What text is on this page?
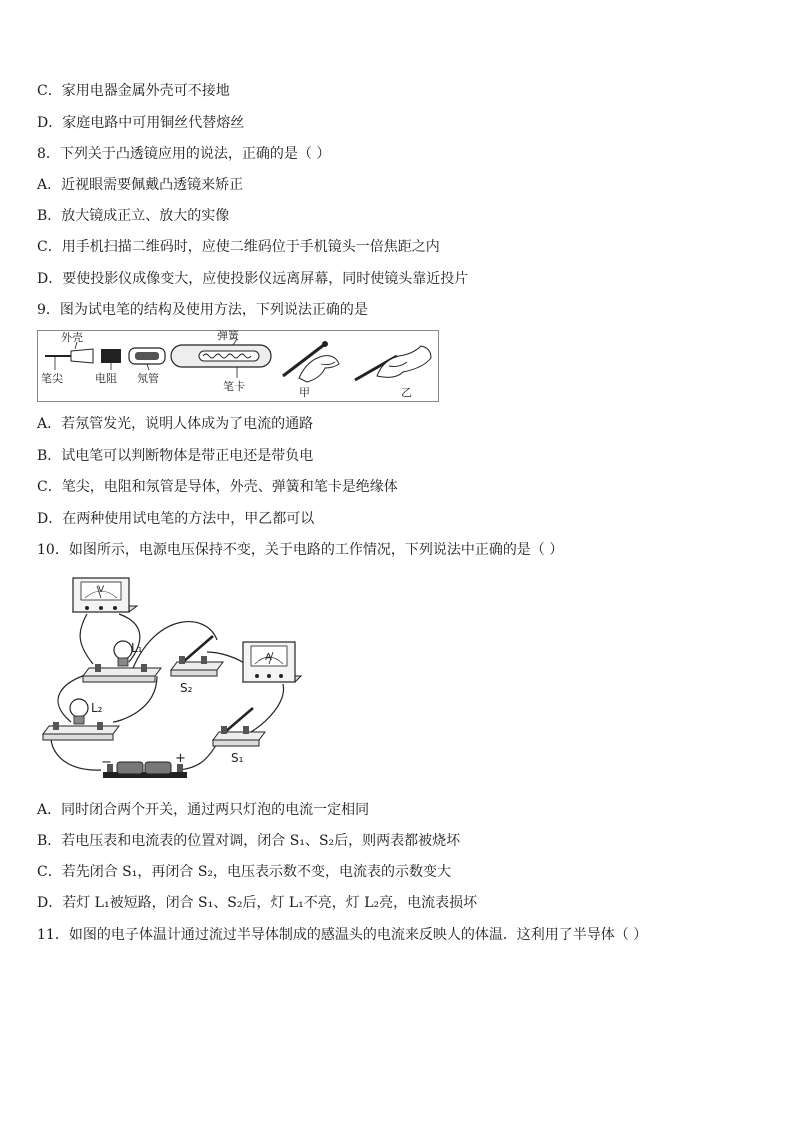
C．家用电器金属外壳可不接地
D．家庭电路中可用铜丝代替熔丝
8．下列关于凸透镜应用的说法，正确的是（ ）
A．近视眼需要佩戴凸透镜来矫正
B．放大镜成正立、放大的实像
C．用手机扫描二维码时，应使二维码位于手机镜头一倍焦距之内
D．要使投影仪成像变大，应使投影仪远离屏幕，同时使镜头靠近投片
9．图为试电笔的结构及使用方法，下列说法正确的是
外壳
笔尖	电阻 氖管
弹簧
笔卡	甲	乙
A．若氖管发光，说明人体成为了电流的通路
B．试电笔可以判断物体是带正电还是带负电
C．笔尖，电阻和氖管是导体，外壳、弹簧和笔卡是绝缘体
D．在两种使用试电笔的方法中，甲乙都可以
10．如图所示，电源电压保持不变，关于电路的工作情况，下列说法中正确的是（ ）
V
L₁
S₂
A
L₂
S₁
−	+
A．同时闭合两个开关，通过两只灯泡的电流一定相同
B．若电压表和电流表的位置对调，闭合 S₁、S₂后，则两表都被烧坏
C．若先闭合 S₁，再闭合 S₂，电压表示数不变，电流表的示数变大
D．若灯 L₁被短路，闭合 S₁、S₂后，灯 L₁不亮，灯 L₂亮，电流表损坏
11．如图的电子体温计通过流过半导体制成的感温头的电流来反映人的体温．这利用了半导体（ ）
